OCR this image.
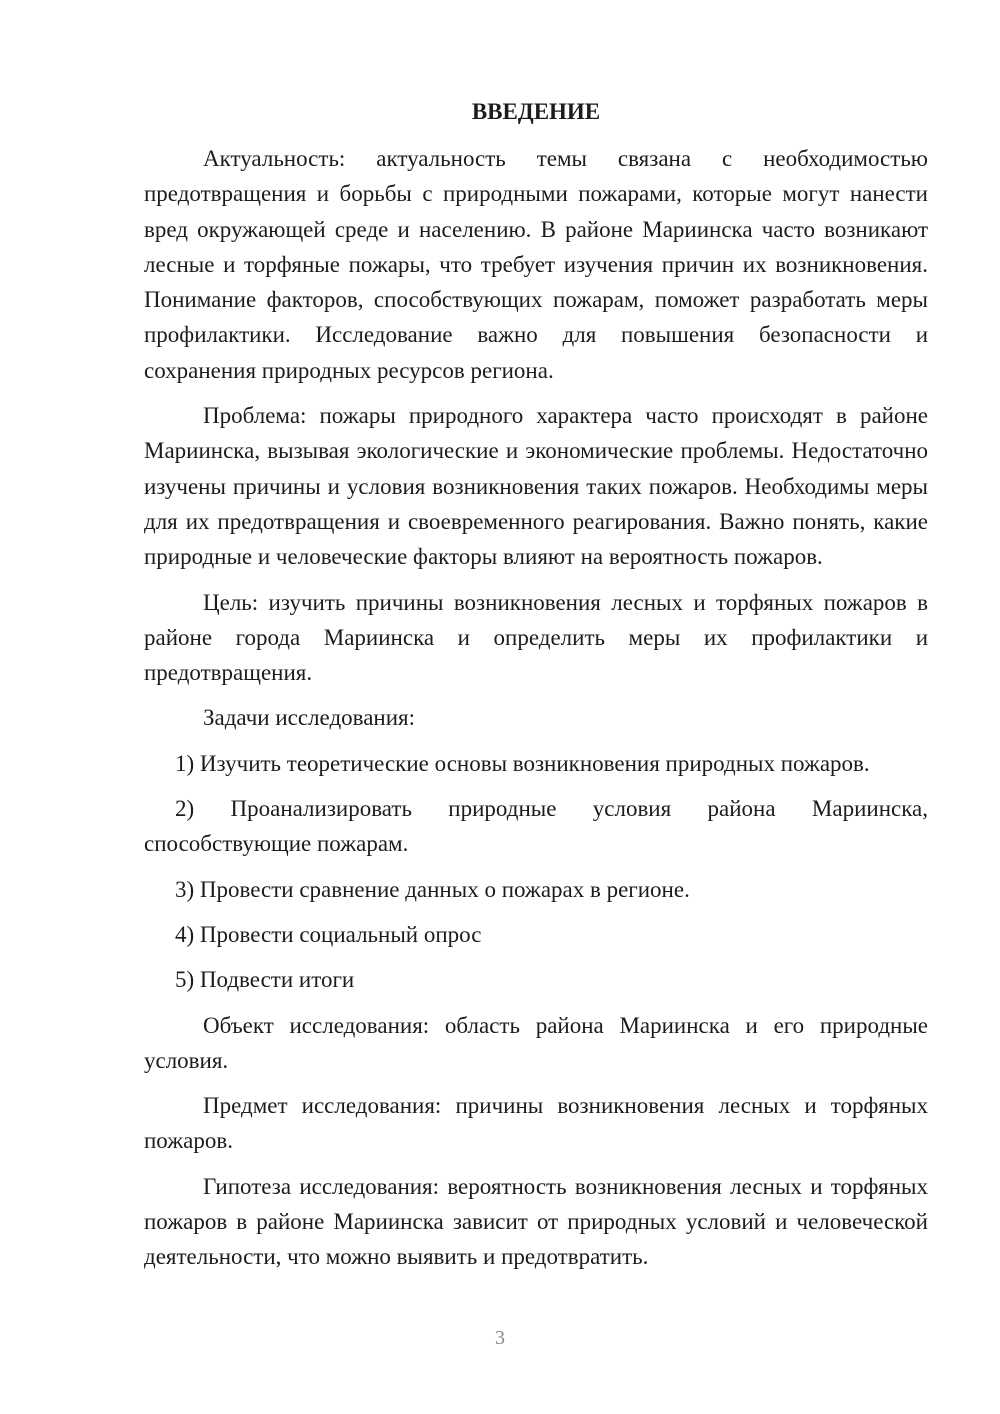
ВВЕДЕНИЕ

Актуальность: актуальность темы связана с необходимостью предотвращения и борьбы с природными пожарами, которые могут нанести вред окружающей среде и населению. В районе Мариинска часто возникают лесные и торфяные пожары, что требует изучения причин их возникновения. Понимание факторов, способствующих пожарам, поможет разработать меры профилактики. Исследование важно для повышения безопасности и сохранения природных ресурсов региона.

Проблема: пожары природного характера часто происходят в районе Мариинска, вызывая экологические и экономические проблемы. Недостаточно изучены причины и условия возникновения таких пожаров. Необходимы меры для их предотвращения и своевременного реагирования. Важно понять, какие природные и человеческие факторы влияют на вероятность пожаров.

Цель: изучить причины возникновения лесных и торфяных пожаров в районе города Мариинска и определить меры их профилактики и предотвращения.

Задачи исследования:

1) Изучить теоретические основы возникновения природных пожаров.

2) Проанализировать природные условия района Мариинска, способствующие пожарам.

3) Провести сравнение данных о пожарах в регионе.

4) Провести социальный опрос

5) Подвести итоги

Объект исследования: область района Мариинска и его природные условия.

Предмет исследования: причины возникновения лесных и торфяных пожаров.

Гипотеза исследования: вероятность возникновения лесных и торфяных пожаров в районе Мариинска зависит от природных условий и человеческой деятельности, что можно выявить и предотвратить.

3
